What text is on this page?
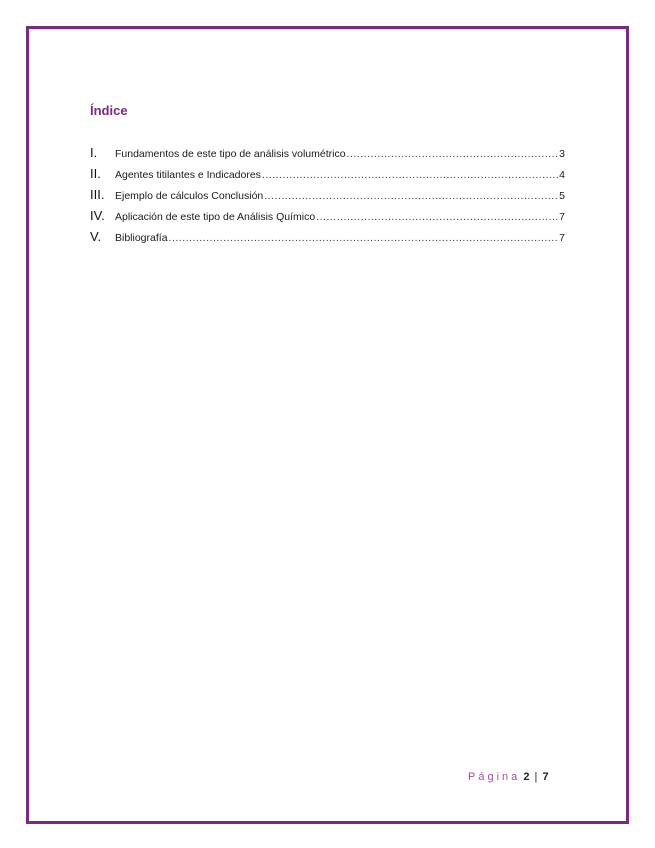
Índice
I.	Fundamentos de este tipo de análisis volumétrico .....	3
II.	Agentes titilantes e Indicadores .....	4
III.	Ejemplo de cálculos Conclusión .....	5
IV. Aplicación de este tipo de Análisis Químico .....	7
V.	Bibliografía .....	7
Página 2 | 7
